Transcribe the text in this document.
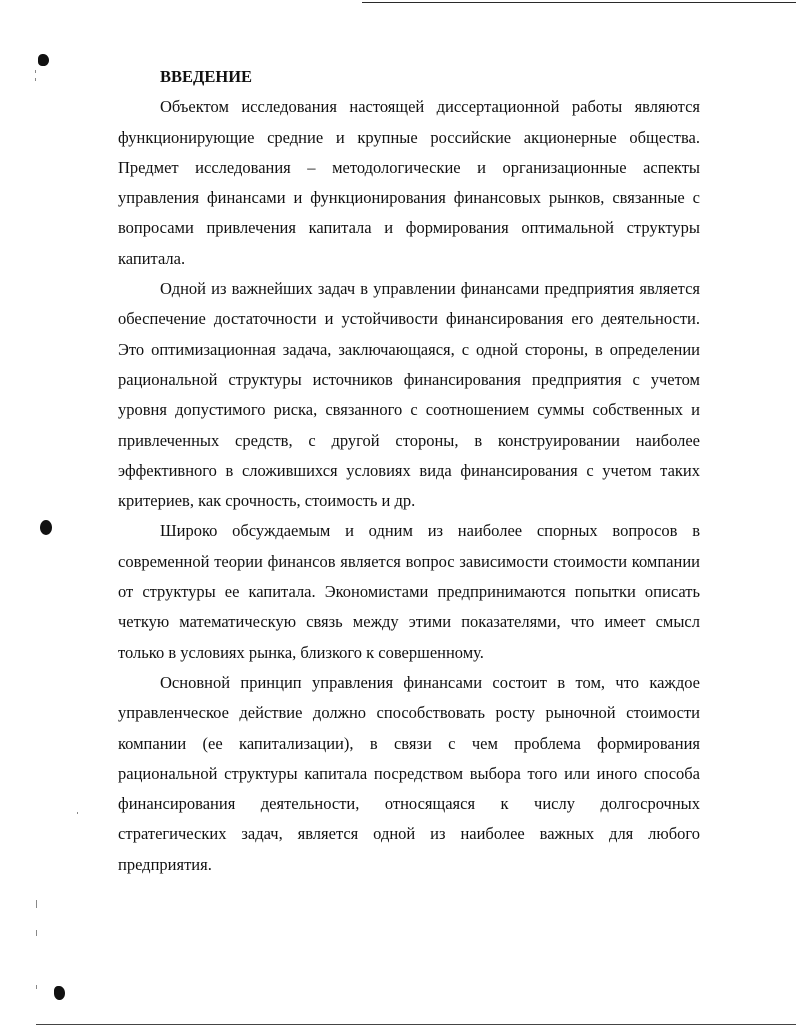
ВВЕДЕНИЕ

Объектом исследования настоящей диссертационной работы являются функционирующие средние и крупные российские акционерные общества. Предмет исследования – методологические и организационные аспекты управления финансами и функционирования финансовых рынков, связанные с вопросами привлечения капитала и формирования оптимальной структуры капитала.

Одной из важнейших задач в управлении финансами предприятия является обеспечение достаточности и устойчивости финансирования его деятельности. Это оптимизационная задача, заключающаяся, с одной стороны, в определении рациональной структуры источников финансирования предприятия с учетом уровня допустимого риска, связанного с соотношением суммы собственных и привлеченных средств, с другой стороны, в конструировании наиболее эффективного в сложившихся условиях вида финансирования с учетом таких критериев, как срочность, стоимость и др.

Широко обсуждаемым и одним из наиболее спорных вопросов в современной теории финансов является вопрос зависимости стоимости компании от структуры ее капитала. Экономистами предпринимаются попытки описать четкую математическую связь между этими показателями, что имеет смысл только в условиях рынка, близкого к совершенному.

Основной принцип управления финансами состоит в том, что каждое управленческое действие должно способствовать росту рыночной стоимости компании (ее капитализации), в связи с чем проблема формирования рациональной структуры капитала посредством выбора того или иного способа финансирования деятельности, относящаяся к числу долгосрочных стратегических задач, является одной из наиболее важных для любого предприятия.
